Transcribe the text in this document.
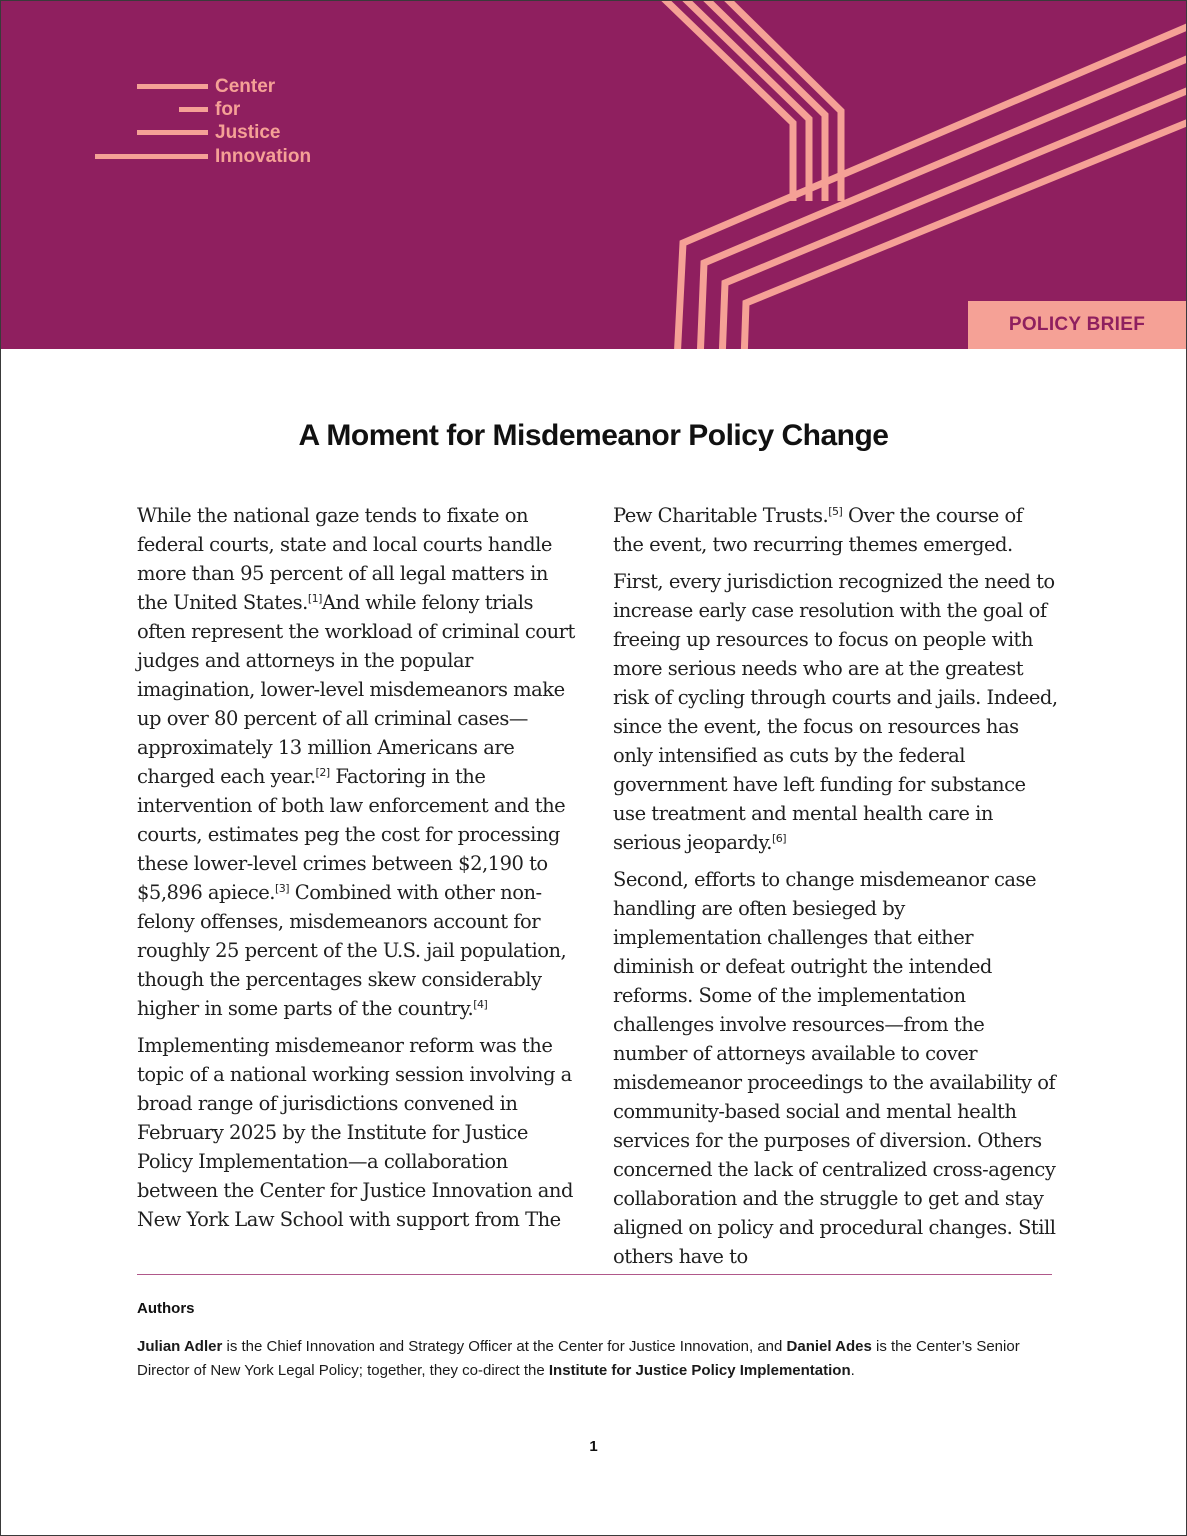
Center
for
Justice
Innovation
POLICY BRIEF
A Moment for Misdemeanor Policy Change

While the national gaze tends to fixate on federal courts, state and local courts handle more than 95 percent of all legal matters in the United States.[1]And while felony trials often represent the workload of criminal court judges and attorneys in the popular imagination, lower-level misdemeanors make up over 80 percent of all criminal cases—approximately 13 million Americans are charged each year.[2] Factoring in the intervention of both law enforcement and the courts, estimates peg the cost for processing these lower-level crimes between $2,190 to $5,896 apiece.[3] Combined with other non-felony offenses, misdemeanors account for roughly 25 percent of the U.S. jail population, though the percentages skew considerably higher in some parts of the country.[4]

Implementing misdemeanor reform was the topic of a national working session involving a broad range of jurisdictions convened in February 2025 by the Institute for Justice Policy Implementation—a collaboration between the Center for Justice Innovation and New York Law School with support from The

Pew Charitable Trusts.[5] Over the course of the event, two recurring themes emerged.

First, every jurisdiction recognized the need to increase early case resolution with the goal of freeing up resources to focus on people with more serious needs who are at the greatest risk of cycling through courts and jails. Indeed, since the event, the focus on resources has only intensified as cuts by the federal government have left funding for substance use treatment and mental health care in serious jeopardy.[6]

Second, efforts to change misdemeanor case handling are often besieged by implementation challenges that either diminish or defeat outright the intended reforms. Some of the implementation challenges involve resources—from the number of attorneys available to cover misdemeanor proceedings to the availability of community-based social and mental health services for the purposes of diversion. Others concerned the lack of centralized cross-agency collaboration and the struggle to get and stay aligned on policy and procedural changes. Still others have to

Authors
Julian Adler is the Chief Innovation and Strategy Officer at the Center for Justice Innovation, and Daniel Ades is the Center’s Senior Director of New York Legal Policy; together, they co-direct the Institute for Justice Policy Implementation.
1
